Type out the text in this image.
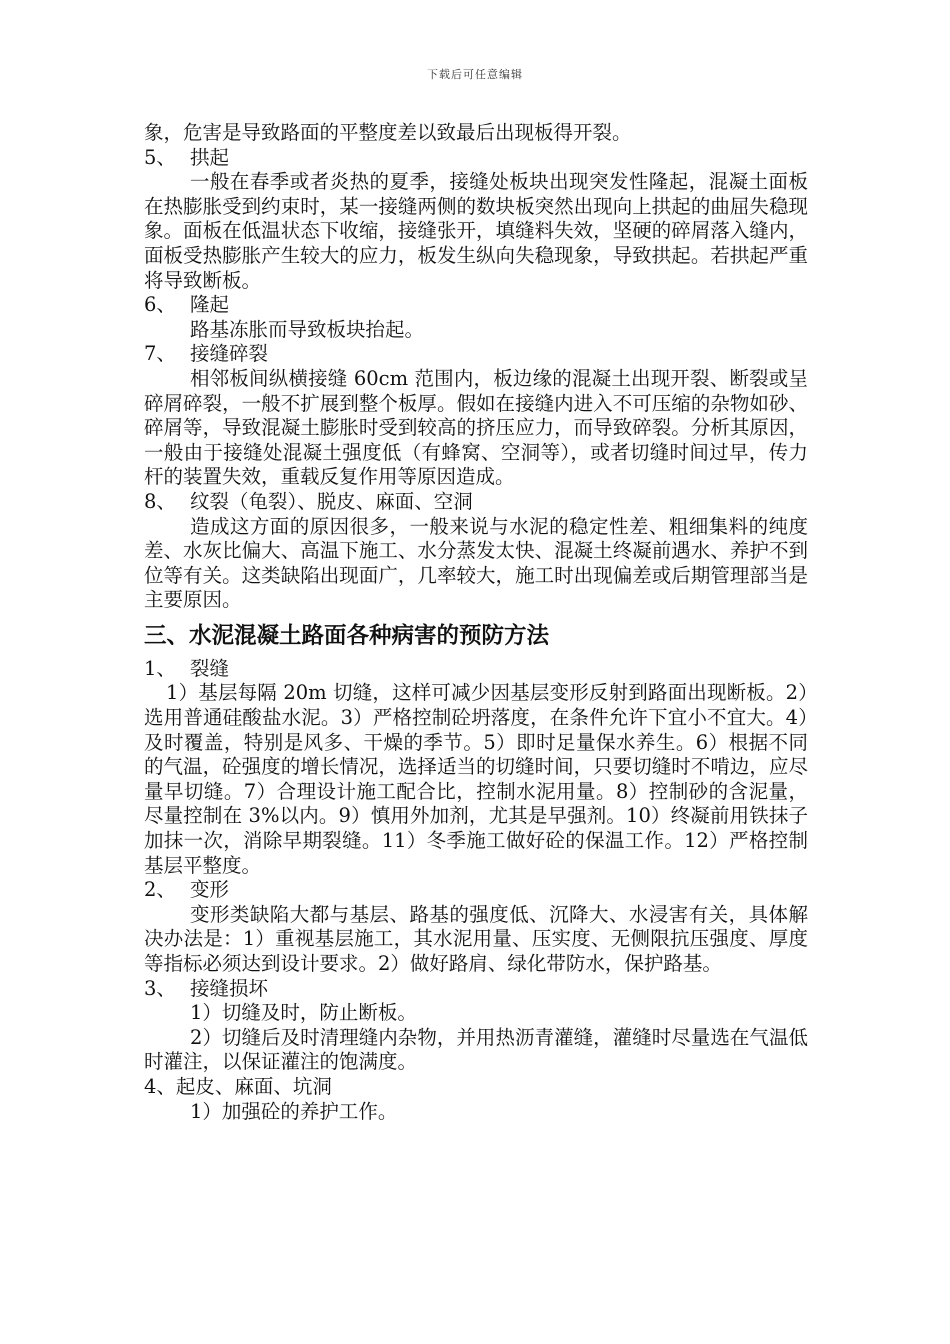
下载后可任意编辑

象，危害是导致路面的平整度差以致最后出现板得开裂。

5、 拱起

一般在春季或者炎热的夏季，接缝处板块出现突发性隆起，混凝土面板在热膨胀受到约束时，某一接缝两侧的数块板突然出现向上拱起的曲屈失稳现象。面板在低温状态下收缩，接缝张开，填缝料失效，坚硬的碎屑落入缝内，面板受热膨胀产生较大的应力，板发生纵向失稳现象，导致拱起。若拱起严重将导致断板。

6、 隆起

路基冻胀而导致板块抬起。

7、 接缝碎裂

相邻板间纵横接缝 60cm 范围内，板边缘的混凝土出现开裂、断裂或呈碎屑碎裂，一般不扩展到整个板厚。假如在接缝内进入不可压缩的杂物如砂、碎屑等，导致混凝土膨胀时受到较高的挤压应力，而导致碎裂。分析其原因，一般由于接缝处混凝土强度低（有蜂窝、空洞等），或者切缝时间过早，传力杆的装置失效，重载反复作用等原因造成。

8、 纹裂（龟裂）、脱皮、麻面、空洞

造成这方面的原因很多，一般来说与水泥的稳定性差、粗细集料的纯度差、水灰比偏大、高温下施工、水分蒸发太快、混凝土终凝前遇水、养护不到位等有关。这类缺陷出现面广，几率较大，施工时出现偏差或后期管理部当是主要原因。

三、水泥混凝土路面各种病害的预防方法
1、 裂缝

1）基层每隔 20m 切缝，这样可减少因基层变形反射到路面出现断板。2）选用普通硅酸盐水泥。3）严格控制砼坍落度，在条件允许下宜小不宜大。4）及时覆盖，特别是风多、干燥的季节。5）即时足量保水养生。6）根据不同的气温，砼强度的增长情况，选择适当的切缝时间，只要切缝时不啃边，应尽量早切缝。7）合理设计施工配合比，控制水泥用量。8）控制砂的含泥量，尽量控制在 3%以内。9）慎用外加剂，尤其是早强剂。10）终凝前用铁抹子加抹一次，消除早期裂缝。11）冬季施工做好砼的保温工作。12）严格控制基层平整度。

2、 变形

变形类缺陷大都与基层、路基的强度低、沉降大、水浸害有关，具体解决办法是：1）重视基层施工，其水泥用量、压实度、无侧限抗压强度、厚度等指标必须达到设计要求。2）做好路肩、绿化带防水，保护路基。

3、 接缝损坏

1）切缝及时，防止断板。

2）切缝后及时清理缝内杂物，并用热沥青灌缝，灌缝时尽量选在气温低时灌注，以保证灌注的饱满度。

4、 起皮、麻面、坑洞

1）加强砼的养护工作。
